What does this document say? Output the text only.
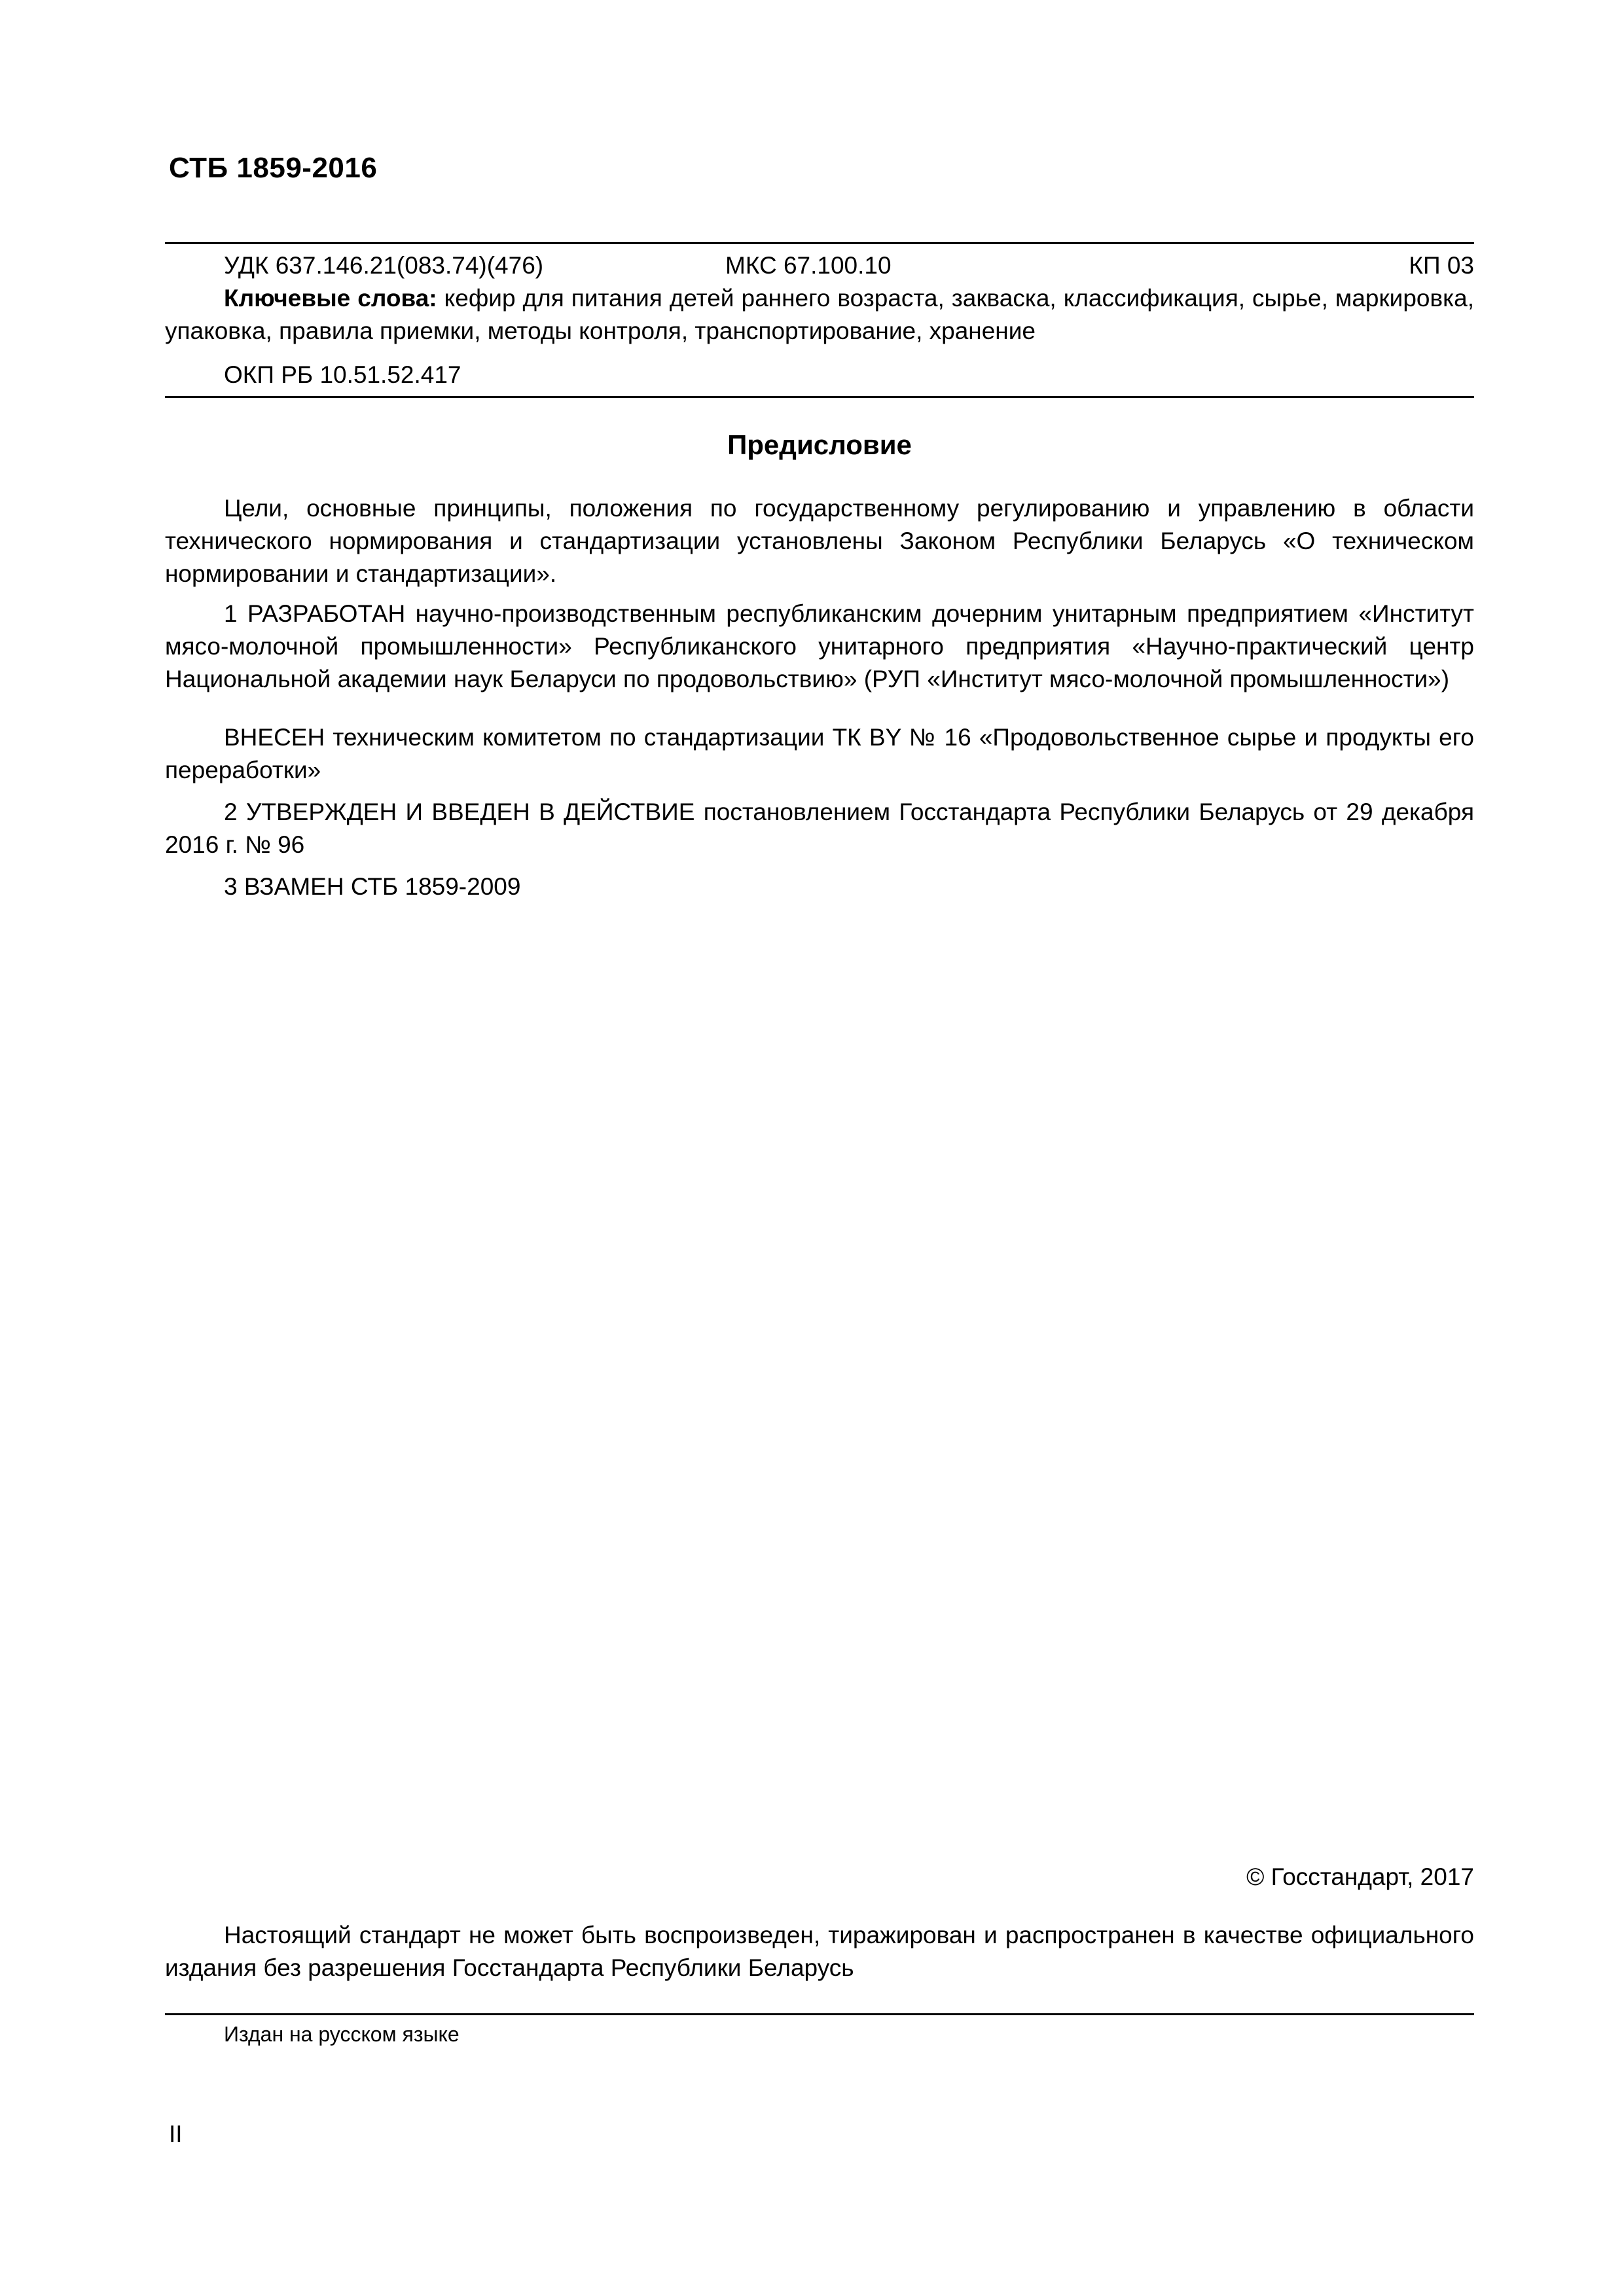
СТБ 1859-2016
УДК 637.146.21(083.74)(476)	МКС 67.100.10	КП 03
Ключевые слова: кефир для питания детей раннего возраста, закваска, классификация, сырье, маркировка, упаковка, правила приемки, методы контроля, транспортирование, хранение
ОКП РБ 10.51.52.417
Предисловие
Цели, основные принципы, положения по государственному регулированию и управлению в области технического нормирования и стандартизации установлены Законом Республики Беларусь «О техническом нормировании и стандартизации».
1 РАЗРАБОТАН научно-производственным республиканским дочерним унитарным предприятием «Институт мясо-молочной промышленности» Республиканского унитарного предприятия «Научно-практический центр Национальной академии наук Беларуси по продовольствию» (РУП «Институт мясо-молочной промышленности»)
ВНЕСЕН техническим комитетом по стандартизации ТК BY № 16 «Продовольственное сырье и продукты его переработки»
2 УТВЕРЖДЕН И ВВЕДЕН В ДЕЙСТВИЕ постановлением Госстандарта Республики Беларусь от 29 декабря 2016 г. № 96
3 ВЗАМЕН СТБ 1859-2009
© Госстандарт, 2017
Настоящий стандарт не может быть воспроизведен, тиражирован и распространен в качестве официального издания без разрешения Госстандарта Республики Беларусь
Издан на русском языке
II
